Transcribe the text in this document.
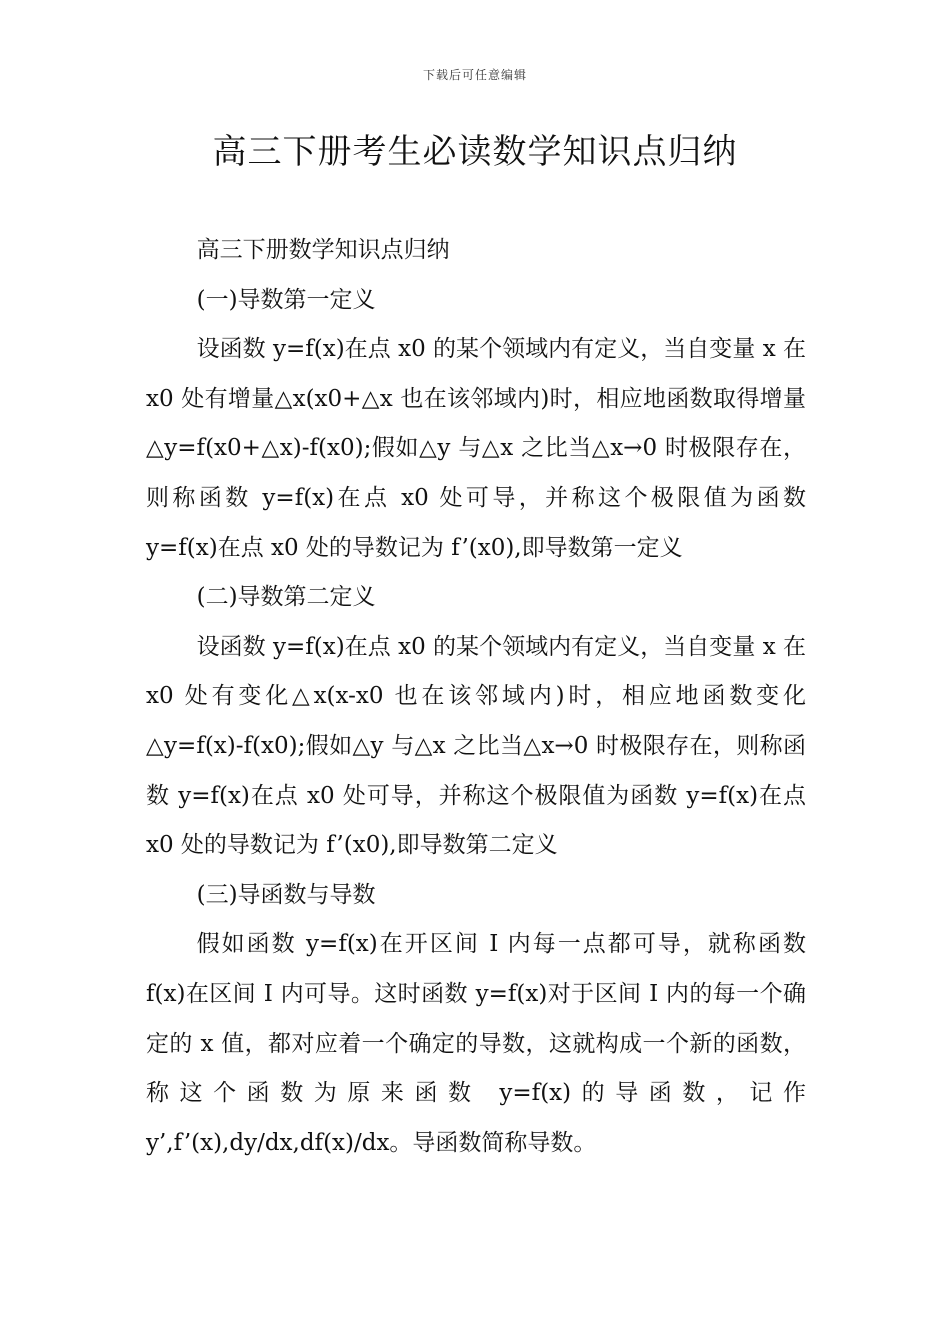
下载后可任意编辑
高三下册考生必读数学知识点归纳

高三下册数学知识点归纳

(一)导数第一定义

设函数 y=f(x)在点 x0 的某个领域内有定义，当自变量 x 在 x0 处有增量△x(x0+△x 也在该邻域内)时，相应地函数取得增量△y=f(x0+△x)-f(x0);假如△y 与△x 之比当△x→0 时极限存在，则称函数 y=f(x)在点 x0 处可导，并称这个极限值为函数 y=f(x)在点 x0 处的导数记为 f’(x0),即导数第一定义

(二)导数第二定义

设函数 y=f(x)在点 x0 的某个领域内有定义，当自变量 x 在 x0 处有变化△x(x-x0 也在该邻域内)时，相应地函数变化△y=f(x)-f(x0);假如△y 与△x 之比当△x→0 时极限存在，则称函数 y=f(x)在点 x0 处可导，并称这个极限值为函数 y=f(x)在点 x0 处的导数记为 f’(x0),即导数第二定义

(三)导函数与导数

假如函数 y=f(x)在开区间 I 内每一点都可导，就称函数 f(x)在区间 I 内可导。这时函数 y=f(x)对于区间 I 内的每一个确定的 x 值，都对应着一个确定的导数，这就构成一个新的函数，称这个函数为原来函数 y=f(x)的导函数，记作 y’,f’(x),dy/dx,df(x)/dx。导函数简称导数。
